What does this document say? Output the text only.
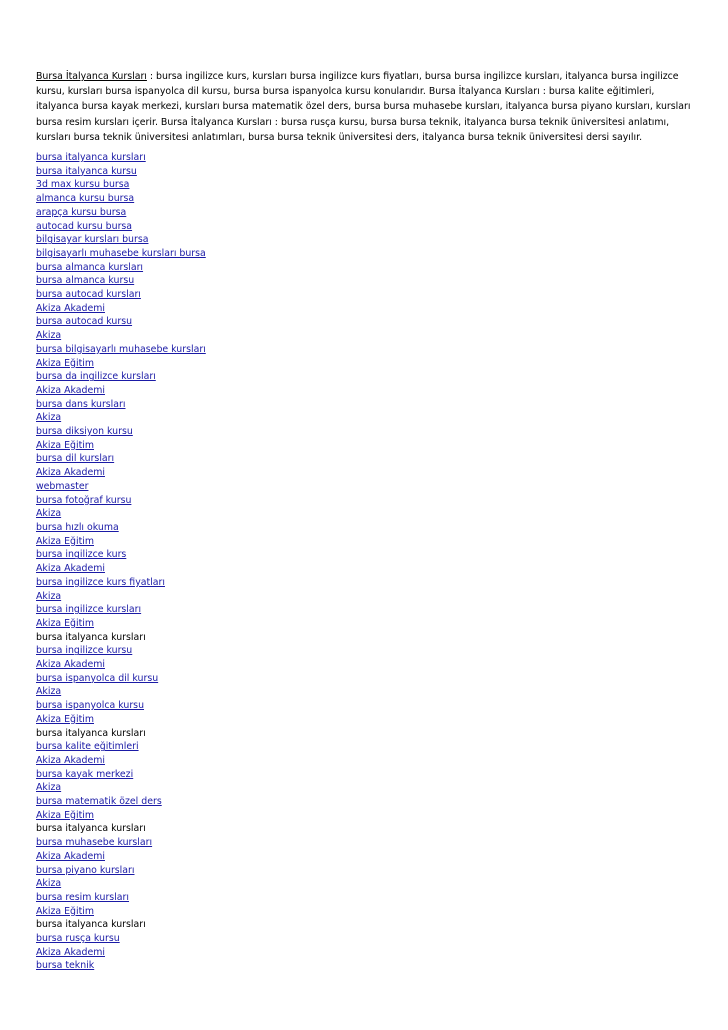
Bursa İtalyanca Kursları : bursa ingilizce kurs, kursları bursa ingilizce kurs fiyatları, bursa bursa ingilizce kursları, italyanca bursa ingilizce kursu, kursları bursa ispanyolca dil kursu, bursa bursa ispanyolca kursu konularıdır. Bursa İtalyanca Kursları : bursa kalite eğitimleri, italyanca bursa kayak merkezi, kursları bursa matematik özel ders, bursa bursa muhasebe kursları, italyanca bursa piyano kursları, kursları bursa resim kursları içerir. Bursa İtalyanca Kursları : bursa rusça kursu, bursa bursa teknik, italyanca bursa teknik üniversitesi anlatımı, kursları bursa teknik üniversitesi anlatımları, bursa bursa teknik üniversitesi ders, italyanca bursa teknik üniversitesi dersi sayılır.

bursa italyanca kursları
bursa italyanca kursu
3d max kursu bursa
almanca kursu bursa
arapça kursu bursa
autocad kursu bursa
bilgisayar kursları bursa
bilgisayarlı muhasebe kursları bursa
bursa almanca kursları
bursa almanca kursu
bursa autocad kursları
Akiza Akademi
bursa autocad kursu
Akiza
bursa bilgisayarlı muhasebe kursları
Akiza Eğitim
bursa da ingilizce kursları
Akiza Akademi
bursa dans kursları
Akiza
bursa diksiyon kursu
Akiza Eğitim
bursa dil kursları
Akiza Akademi
webmaster
bursa fotoğraf kursu
Akiza
bursa hızlı okuma
Akiza Eğitim
bursa ingilizce kurs
Akiza Akademi
bursa ingilizce kurs fiyatları
Akiza
bursa ingilizce kursları
Akiza Eğitim
bursa italyanca kursları
bursa ingilizce kursu
Akiza Akademi
bursa ispanyolca dil kursu
Akiza
bursa ispanyolca kursu
Akiza Eğitim
bursa italyanca kursları
bursa kalite eğitimleri
Akiza Akademi
bursa kayak merkezi
Akiza
bursa matematik özel ders
Akiza Eğitim
bursa italyanca kursları
bursa muhasebe kursları
Akiza Akademi
bursa piyano kursları
Akiza
bursa resim kursları
Akiza Eğitim
bursa italyanca kursları
bursa rusça kursu
Akiza Akademi
bursa teknik
